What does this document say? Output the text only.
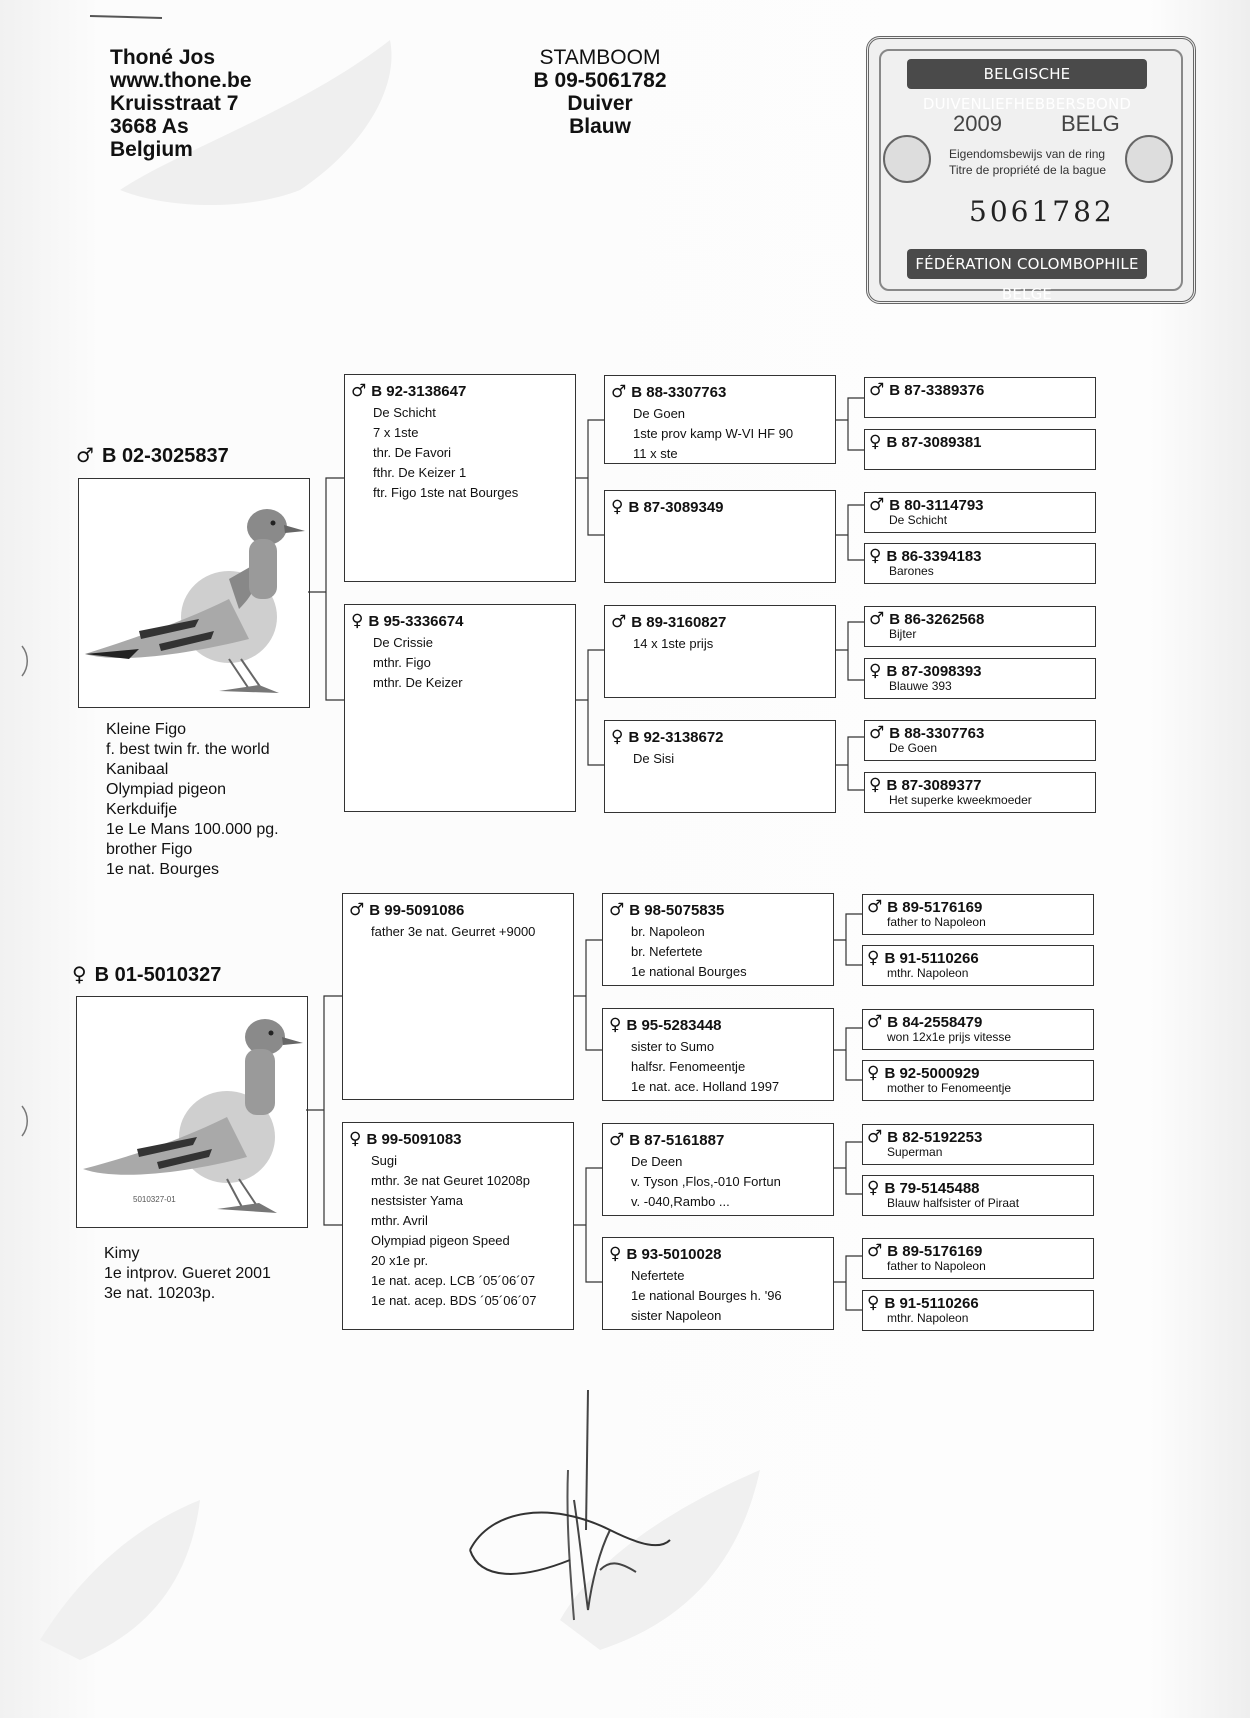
Thoné Jos
www.thone.be
Kruisstraat 7
3668 As
Belgium
STAMBOOM
B 09-5061782
Duiver
Blauw
BELGISCHE DUIVENLIEFHEBBERSBOND
2009	BELG
Eigendomsbewijs van de ring
Titre de propriété de la bague
5061782
FÉDÉRATION COLOMBOPHILE BELGE
♂ B 02-3025837
Kleine Figo
f. best twin fr. the world
Kanibaal
Olympiad pigeon
Kerkduifje
1e Le Mans 100.000 pg.
brother Figo
1e nat. Bourges
♀ B 01-5010327
5010327-01
Kimy
1e intprov. Gueret 2001
3e nat. 10203p.
♂ B 92-3138647
De Schicht
7 x 1ste
thr. De Favori
fthr. De Keizer 1
ftr. Figo 1ste nat Bourges
♀ B 95-3336674
De Crissie
mthr. Figo
mthr. De Keizer
♂ B 99-5091086
father 3e nat. Geurret +9000
♀ B 99-5091083
Sugi
mthr. 3e nat Geuret 10208p
nestsister Yama
mthr. Avril
Olympiad pigeon Speed
20 x1e pr.
1e nat. acep. LCB ´05´06´07
1e nat. acep. BDS ´05´06´07
♂ B 88-3307763
De Goen
1ste prov kamp W-VI HF 90
11 x ste
♀ B 87-3089349
♂ B 89-3160827
14 x 1ste prijs
♀ B 92-3138672
De Sisi
♂ B 98-5075835
br. Napoleon
br. Nefertete
1e national Bourges
♀ B 95-5283448
sister to Sumo
halfsr. Fenomeentje
1e nat. ace. Holland 1997
♂ B 87-5161887
De Deen
v. Tyson ,Flos,-010 Fortun
v. -040,Rambo ...
♀ B 93-5010028
Nefertete
1e national Bourges h. '96
sister Napoleon
♂ B 87-3389376
♀ B 87-3089381
♂ B 80-3114793
De Schicht
♀ B 86-3394183
Barones
♂ B 86-3262568
Bijter
♀ B 87-3098393
Blauwe 393
♂ B 88-3307763
De Goen
♀ B 87-3089377
Het superke kweekmoeder
♂ B 89-5176169
father to Napoleon
♀ B 91-5110266
mthr. Napoleon
♂ B 84-2558479
won 12x1e prijs vitesse
♀ B 92-5000929
mother to Fenomeentje
♂ B 82-5192253
Superman
♀ B 79-5145488
Blauw halfsister of Piraat
♂ B 89-5176169
father to Napoleon
♀ B 91-5110266
mthr. Napoleon
